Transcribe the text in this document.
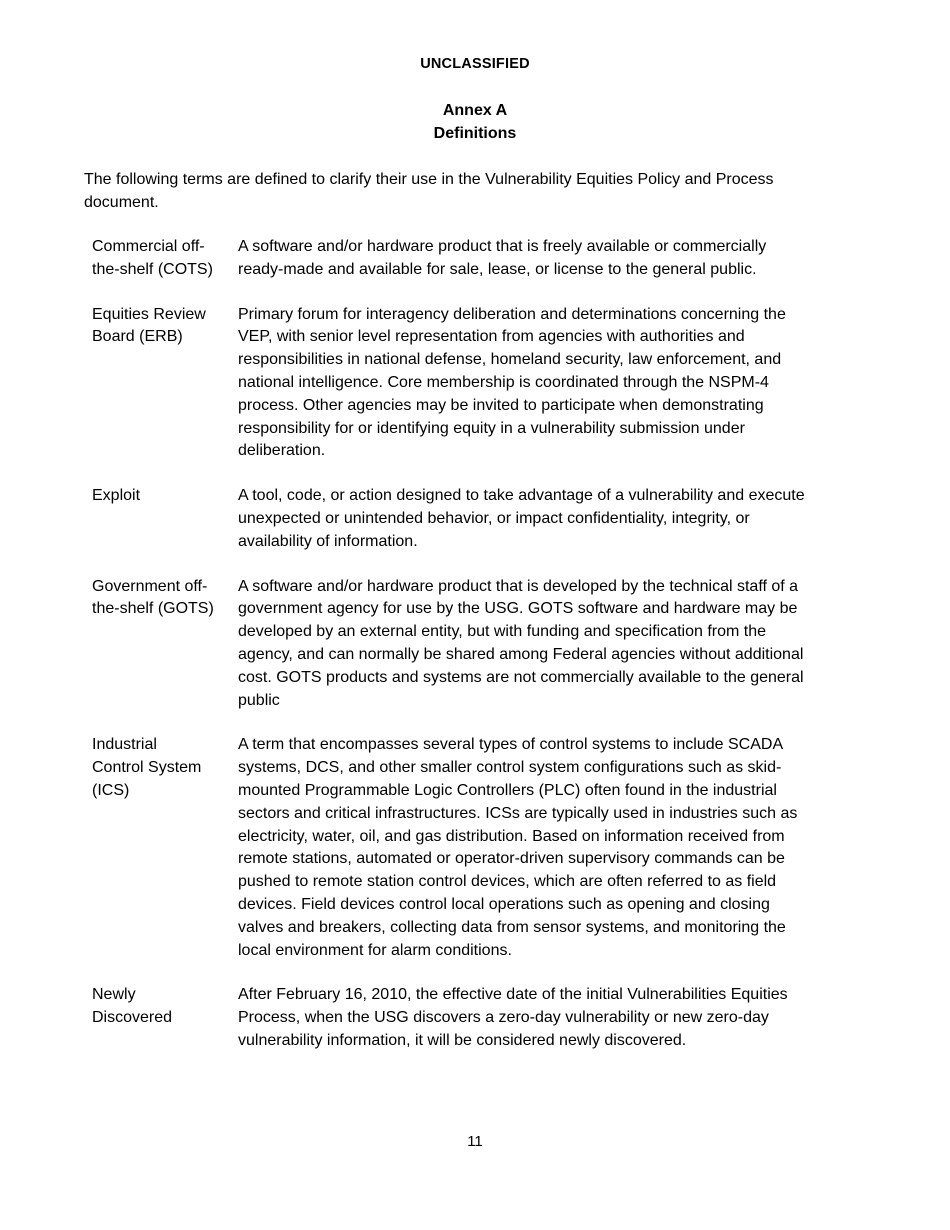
UNCLASSIFIED
Annex A
Definitions
The following terms are defined to clarify their use in the Vulnerability Equities Policy and Process document.
Commercial off-
the-shelf (COTS)
A software and/or hardware product that is freely available or commercially ready-made and available for sale, lease, or license to the general public.
Equities Review
Board (ERB)
Primary forum for interagency deliberation and determinations concerning the VEP, with senior level representation from agencies with authorities and responsibilities in national defense, homeland security, law enforcement, and national intelligence. Core membership is coordinated through the NSPM-4 process. Other agencies may be invited to participate when demonstrating responsibility for or identifying equity in a vulnerability submission under deliberation.
Exploit	A tool, code, or action designed to take advantage of a vulnerability and execute unexpected or unintended behavior, or impact confidentiality, integrity, or availability of information.
Government off-
the-shelf (GOTS)
A software and/or hardware product that is developed by the technical staff of a government agency for use by the USG. GOTS software and hardware may be developed by an external entity, but with funding and specification from the agency, and can normally be shared among Federal agencies without additional cost. GOTS products and systems are not commercially available to the general public
Industrial
Control System
(ICS)
A term that encompasses several types of control systems to include SCADA systems, DCS, and other smaller control system configurations such as skid-mounted Programmable Logic Controllers (PLC) often found in the industrial sectors and critical infrastructures. ICSs are typically used in industries such as electricity, water, oil, and gas distribution. Based on information received from remote stations, automated or operator-driven supervisory commands can be pushed to remote station control devices, which are often referred to as field devices. Field devices control local operations such as opening and closing valves and breakers, collecting data from sensor systems, and monitoring the local environment for alarm conditions.
Newly
Discovered
After February 16, 2010, the effective date of the initial Vulnerabilities Equities Process, when the USG discovers a zero-day vulnerability or new zero-day vulnerability information, it will be considered newly discovered.
11
